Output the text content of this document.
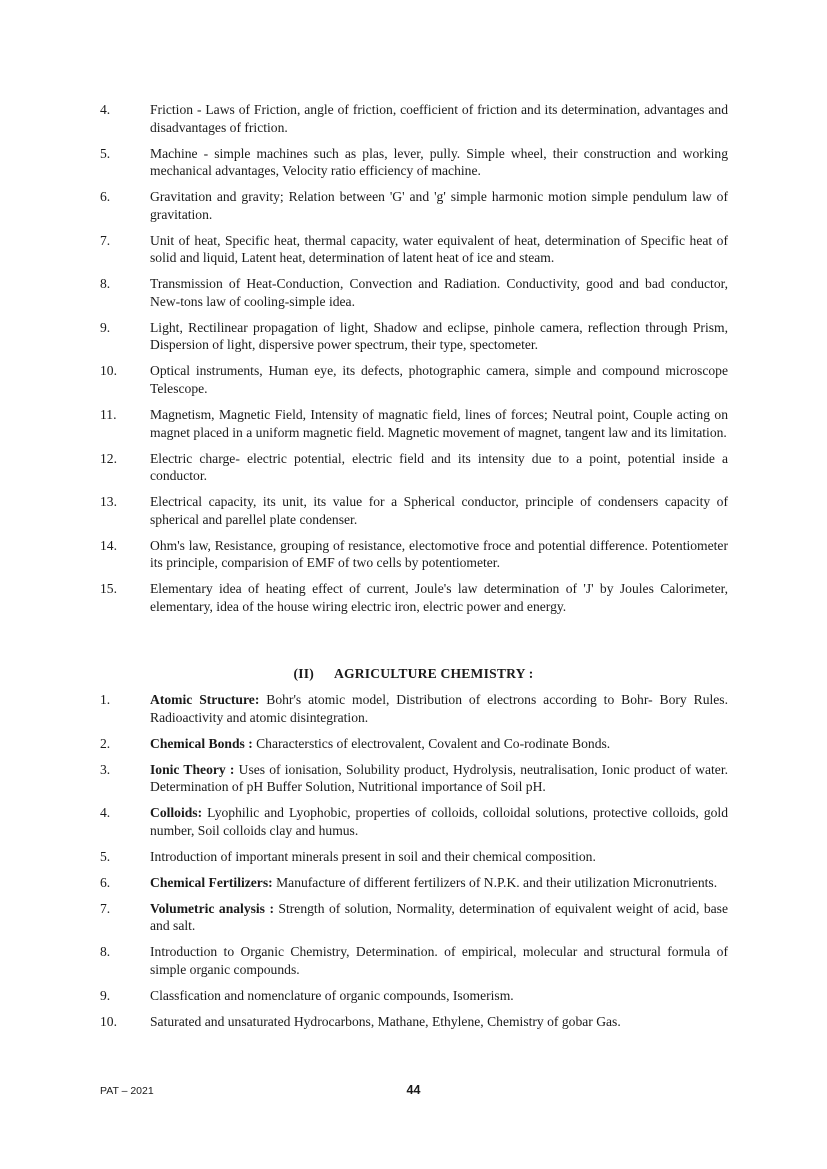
4.	Friction - Laws of Friction, angle of friction, coefficient of friction and its determination, advantages and disadvantages of friction.
5.	Machine - simple machines such as plas, lever, pully. Simple wheel, their construction and working mechanical advantages, Velocity ratio efficiency of machine.
6.	Gravitation and gravity; Relation between 'G' and 'g' simple harmonic motion simple pendulum law of gravitation.
7.	Unit of heat, Specific heat, thermal capacity, water equivalent of heat, determination of Specific heat of solid and liquid, Latent heat, determination of latent heat of ice and steam.
8.	Transmission of Heat-Conduction, Convection and Radiation. Conductivity, good and bad conductor, New-tons law of cooling-simple idea.
9.	Light, Rectilinear propagation of light, Shadow and eclipse, pinhole camera, reflection through Prism, Dispersion of light, dispersive power spectrum, their type, spectometer.
10.	Optical instruments, Human eye, its defects, photographic camera, simple and compound microscope Telescope.
11.	Magnetism, Magnetic Field, Intensity of magnatic field, lines of forces; Neutral point, Couple acting on magnet placed in a uniform magnetic field. Magnetic movement of magnet, tangent law and its limitation.
12.	Electric charge- electric potential, electric field and its intensity due to a point, potential inside a conductor.
13.	Electrical capacity, its unit, its value for a Spherical conductor, principle of condensers capacity of spherical and parellel plate condenser.
14.	Ohm's law, Resistance, grouping of resistance, electomotive froce and potential difference. Potentiometer its principle, comparision of EMF of two cells by potentiometer.
15.	Elementary idea of heating effect of current, Joule's law determination of 'J' by Joules Calorimeter, elementary, idea of the house wiring electric iron, electric power and energy.
(II) AGRICULTURE CHEMISTRY :
1.	Atomic Structure: Bohr's atomic model, Distribution of electrons according to Bohr- Bory Rules. Radioactivity and atomic disintegration.
2.	Chemical Bonds : Characterstics of electrovalent, Covalent and Co-rodinate Bonds.
3.	Ionic Theory : Uses of ionisation, Solubility product, Hydrolysis, neutralisation, Ionic product of water. Determination of pH Buffer Solution, Nutritional importance of Soil pH.
4.	Colloids: Lyophilic and Lyophobic, properties of colloids, colloidal solutions, protective colloids, gold number, Soil colloids clay and humus.
5.	Introduction of important minerals present in soil and their chemical composition.
6.	Chemical Fertilizers: Manufacture of different fertilizers of N.P.K. and their utilization Micronutrients.
7.	Volumetric analysis : Strength of solution, Normality, determination of equivalent weight of acid, base and salt.
8.	Introduction to Organic Chemistry, Determination. of empirical, molecular and structural formula of simple organic compounds.
9.	Classfication and nomenclature of organic compounds, Isomerism.
10.	Saturated and unsaturated Hydrocarbons, Mathane, Ethylene, Chemistry of gobar Gas.
PAT – 2021	44
